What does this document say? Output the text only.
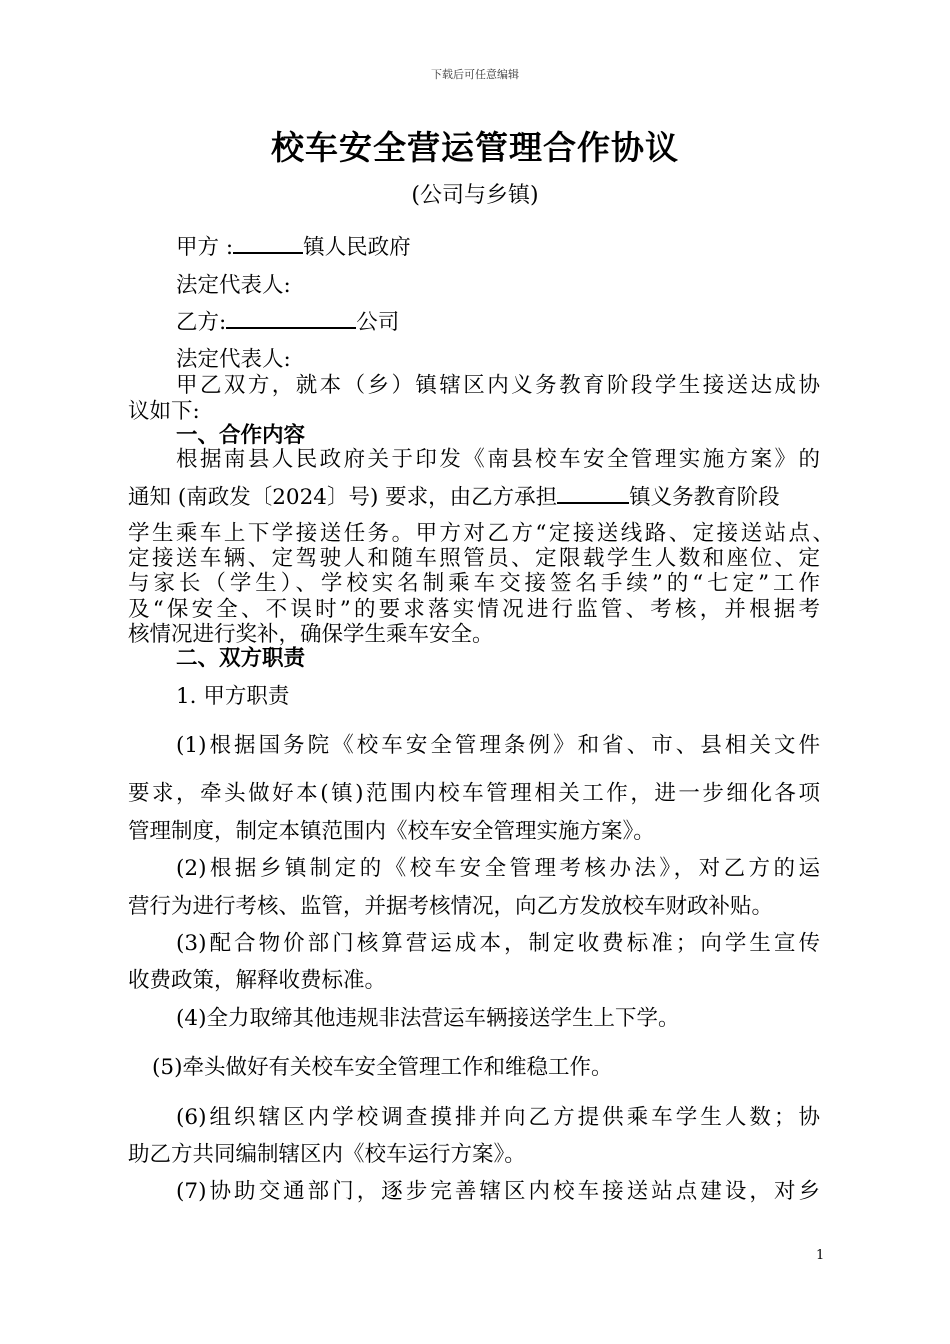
下载后可任意编辑
校车安全营运管理合作协议
(公司与乡镇)
甲方 :	镇人民政府
法定代表人:
乙方:	公司
法定代表人:
甲乙双方，就本（乡）镇辖区内义务教育阶段学生接送达成协
议如下:
一、合作内容
根据南县人民政府关于印发《南县校车安全管理实施方案》的
通知 (南政发〔2024〕号) 要求，由乙方承担	镇义务教育阶段
学生乘车上下学接送任务。甲方对乙方“定接送线路、定接送站点、
定接送车辆、定驾驶人和随车照管员、定限载学生人数和座位、定
与家长（学生）、学校实名制乘车交接签名手续”的“七定”工作
及“保安全、不误时”的要求落实情况进行监管、考核，并根据考
核情况进行奖补，确保学生乘车安全。
二、双方职责
1. 甲方职责
(1)根据国务院《校车安全管理条例》和省、市、县相关文件
要求，牵头做好本(镇)范围内校车管理相关工作，进一步细化各项
管理制度，制定本镇范围内《校车安全管理实施方案》。
(2)根据乡镇制定的《校车安全管理考核办法》，对乙方的运
营行为进行考核、监管，并据考核情况，向乙方发放校车财政补贴。
(3)配合物价部门核算营运成本，制定收费标准；向学生宣传
收费政策，解释收费标准。
(4)全力取缔其他违规非法营运车辆接送学生上下学。
(5)牵头做好有关校车安全管理工作和维稳工作。
(6)组织辖区内学校调查摸排并向乙方提供乘车学生人数；协
助乙方共同编制辖区内《校车运行方案》。
(7)协助交通部门，逐步完善辖区内校车接送站点建设，对乡
1
